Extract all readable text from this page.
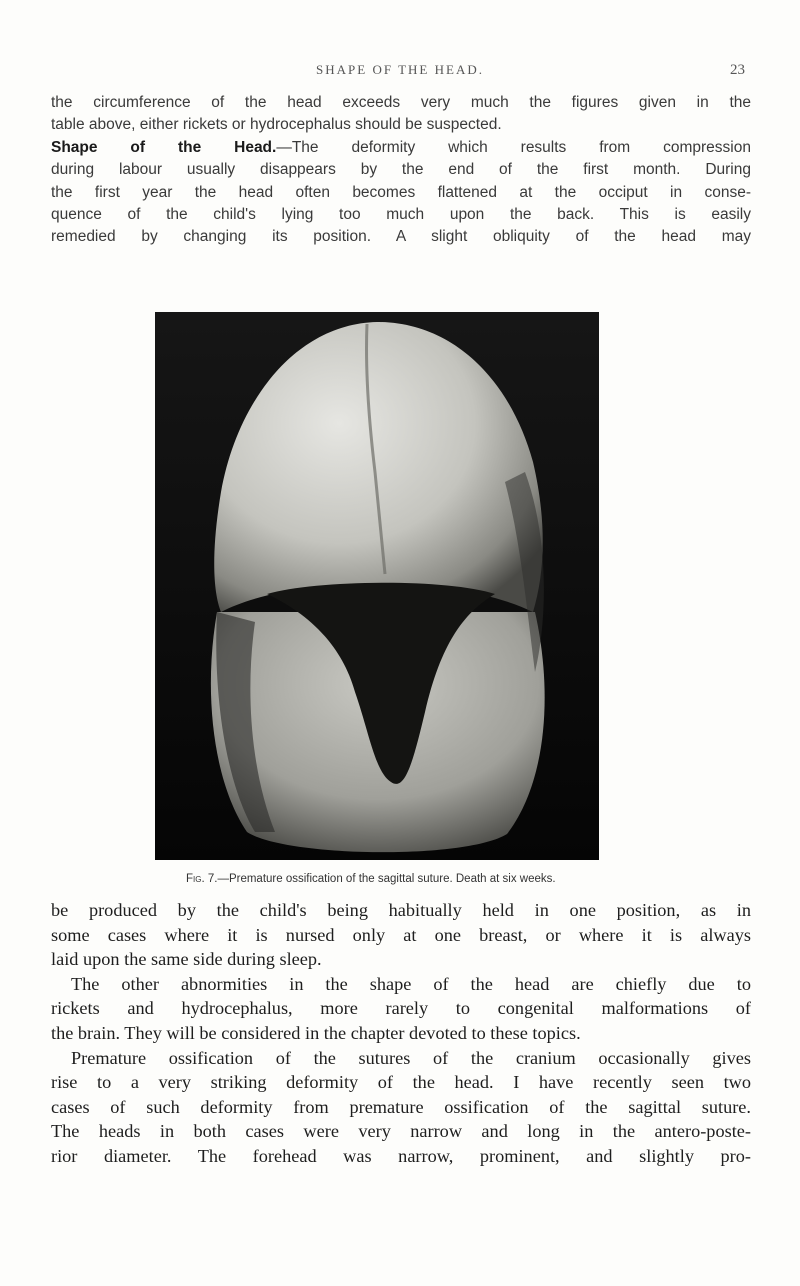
SHAPE OF THE HEAD.	23
the circumference of the head exceeds very much the figures given in the
table above, either rickets or hydrocephalus should be suspected.
Shape of the Head.—The deformity which results from compression
during labour usually disappears by the end of the first month. During
the first year the head often becomes flattened at the occiput in conse-
quence of the child's lying too much upon the back. This is easily
remedied by changing its position. A slight obliquity of the head may
Fig. 7.—Premature ossification of the sagittal suture. Death at six weeks.
be produced by the child's being habitually held in one position, as in
some cases where it is nursed only at one breast, or where it is always
laid upon the same side during sleep.
The other abnormities in the shape of the head are chiefly due to
rickets and hydrocephalus, more rarely to congenital malformations of
the brain. They will be considered in the chapter devoted to these topics.
Premature ossification of the sutures of the cranium occasionally gives
rise to a very striking deformity of the head. I have recently seen two
cases of such deformity from premature ossification of the sagittal suture.
The heads in both cases were very narrow and long in the antero-poste-
rior diameter. The forehead was narrow, prominent, and slightly pro-
